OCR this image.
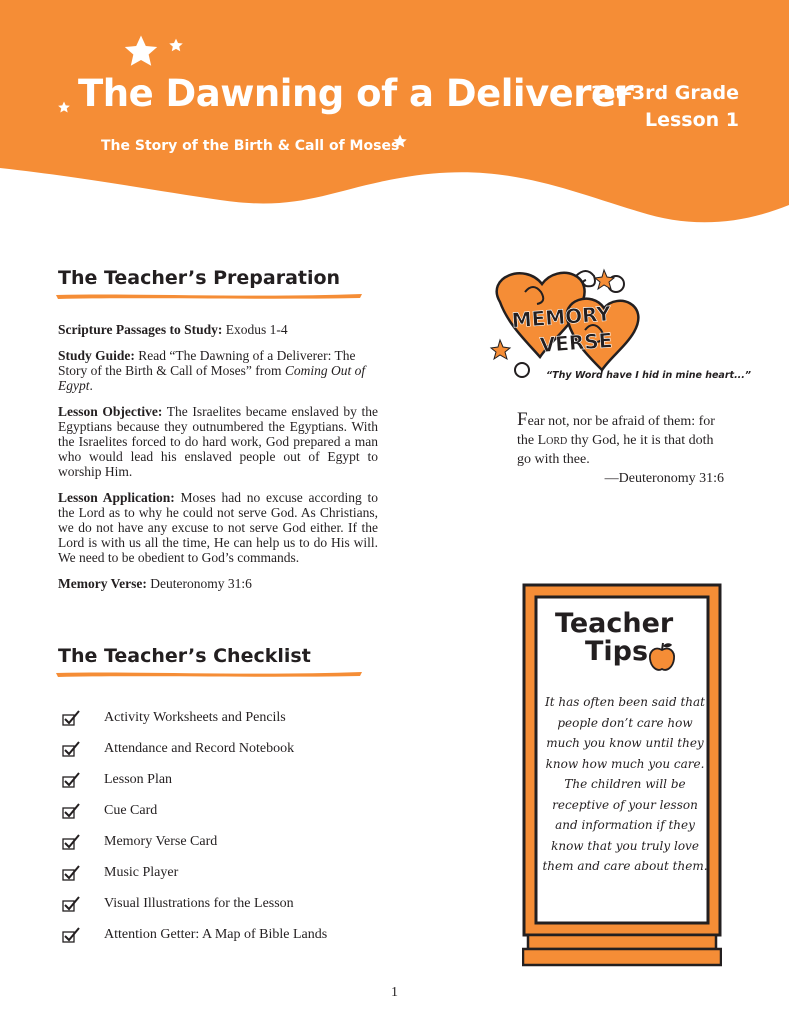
The Dawning of a Deliverer
The Story of the Birth & Call of Moses
1st-3rd Grade
Lesson 1
The Teacher’s Preparation

Scripture Passages to Study: Exodus 1-4

Study Guide: Read “The Dawning of a Deliverer: The Story of the Birth & Call of Moses” from Coming Out of Egypt.

Lesson Objective: The Israelites became enslaved by the Egyptians because they outnumbered the Egyptians. With the Israelites forced to do hard work, God prepared a man who would lead his enslaved people out of Egypt to worship Him.

Lesson Application: Moses had no excuse according to the Lord as to why he could not serve God. As Christians, we do not have any excuse to not serve God either. If the Lord is with us all the time, He can help us to do His will. We need to be obedient to God’s commands.

Memory Verse: Deuteronomy 31:6

The Teacher’s Checklist
Activity Worksheets and Pencils
Attendance and Record Notebook
Lesson Plan
Cue Card
Memory Verse Card
Music Player
Visual Illustrations for the Lesson
Attention Getter: A Map of Bible Lands
MEMORY
VERSE
“Thy Word have I hid in mine heart...”
Fear not, nor be afraid of them: for the Lord thy God, he it is that doth go with thee.
—Deuteronomy 31:6
Teacher
Tips
It has often been said that people don’t care how much you know until they know how much you care. The children will be receptive of your lesson and information if they know that you truly love them and care about them.
1
